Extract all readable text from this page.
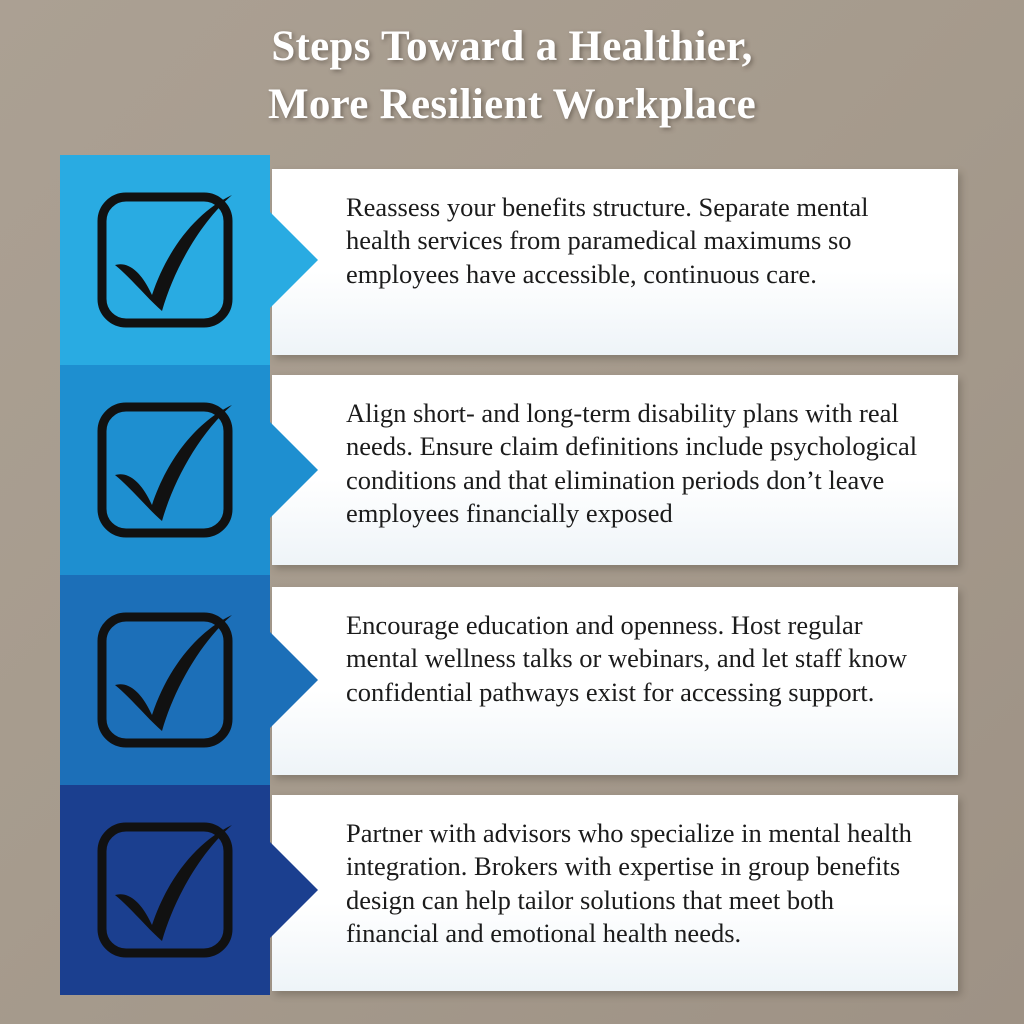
Steps Toward a Healthier,
More Resilient Workplace

Reassess your benefits structure. Separate mental health services from paramedical maximums so employees have accessible, continuous care.

Align short- and long-term disability plans with real needs. Ensure claim definitions include psychological conditions and that elimination periods don’t leave employees financially exposed

Encourage education and openness. Host regular mental wellness talks or webinars, and let staff know confidential pathways exist for accessing support.

Partner with advisors who specialize in mental health integration. Brokers with expertise in group benefits design can help tailor solutions that meet both financial and emotional health needs.
